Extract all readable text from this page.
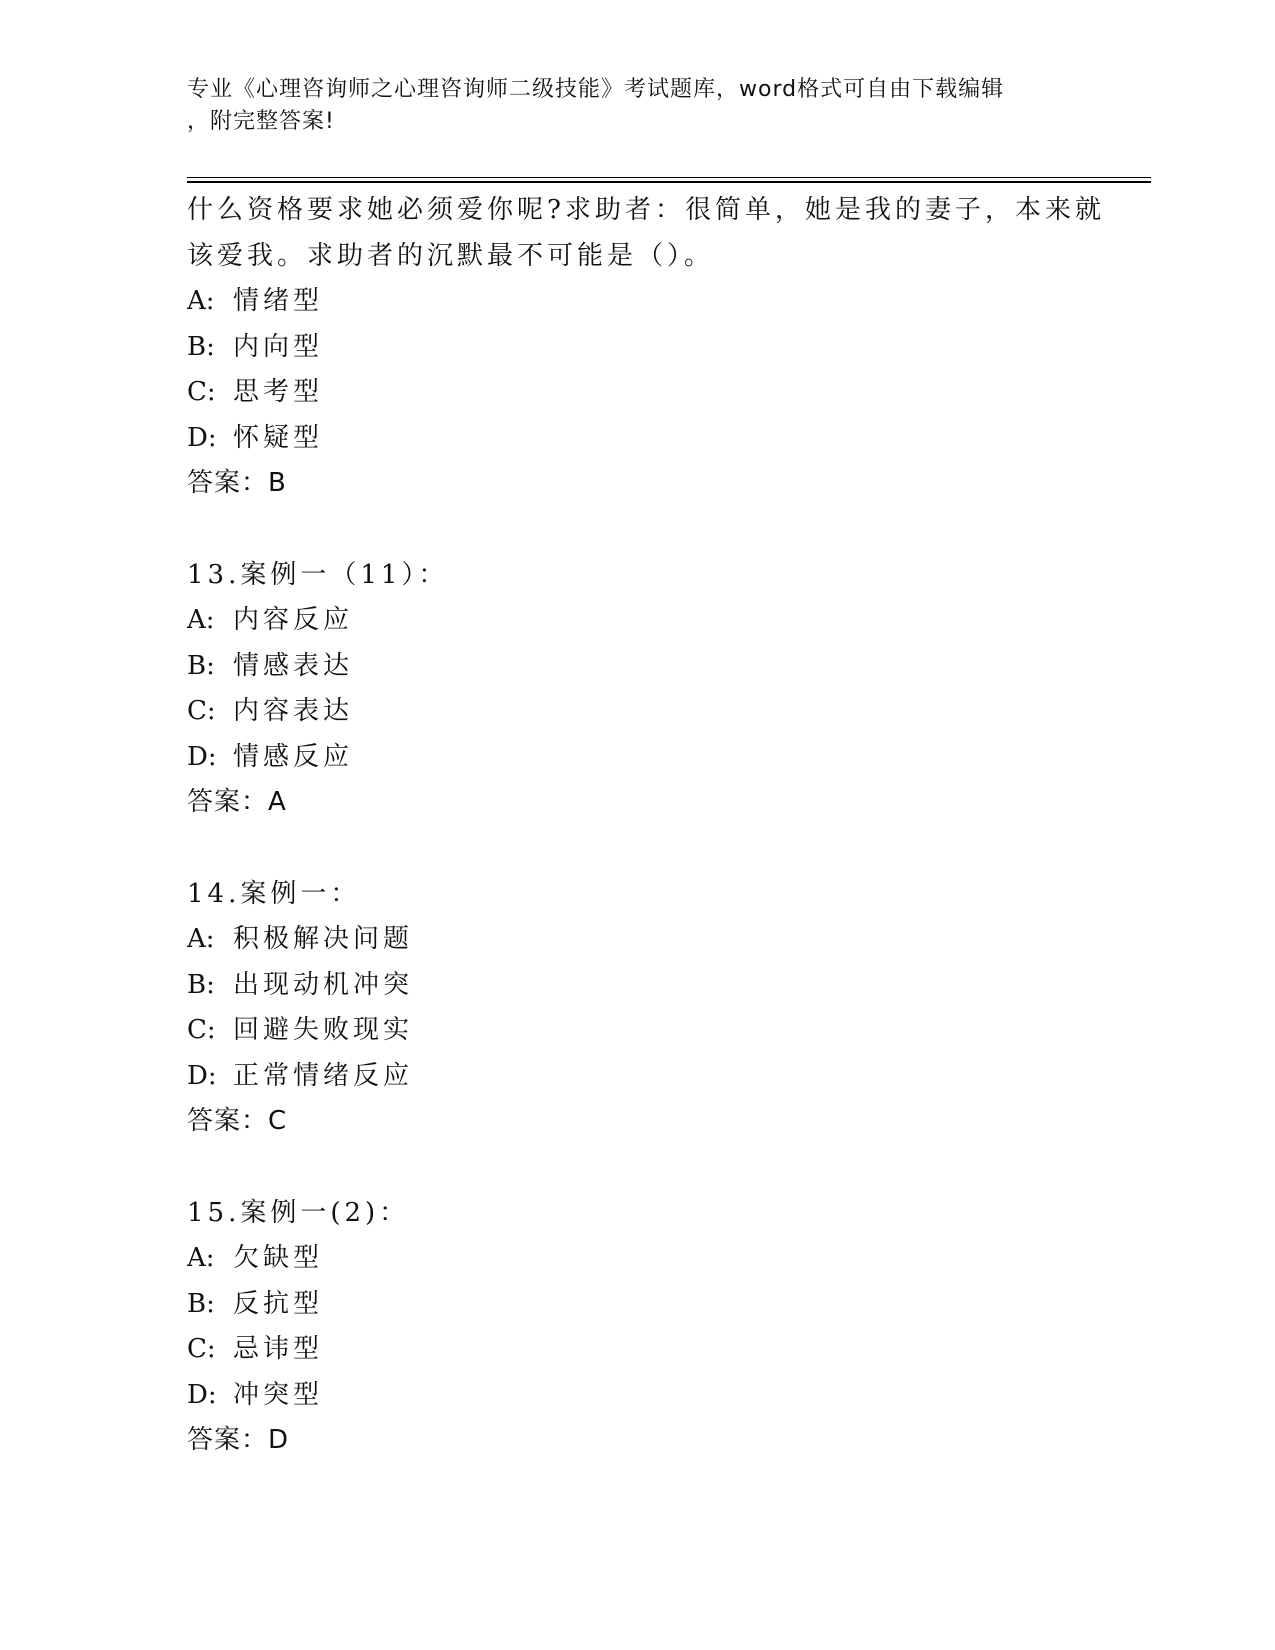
专业《心理咨询师之心理咨询师二级技能》考试题库，word格式可自由下载编辑
，附完整答案!
什么资格要求她必须爱你呢?求助者：很简单，她是我的妻子，本来就
该爱我。求助者的沉默最不可能是（）。
A: 情绪型
B: 内向型
C: 思考型
D: 怀疑型
答案：B
13.案例一（11）：
A: 内容反应
B: 情感表达
C: 内容表达
D: 情感反应
答案：A
14.案例一：
A: 积极解决问题
B: 出现动机冲突
C: 回避失败现实
D: 正常情绪反应
答案：C
15.案例一(2)：
A: 欠缺型
B: 反抗型
C: 忌讳型
D: 冲突型
答案：D
